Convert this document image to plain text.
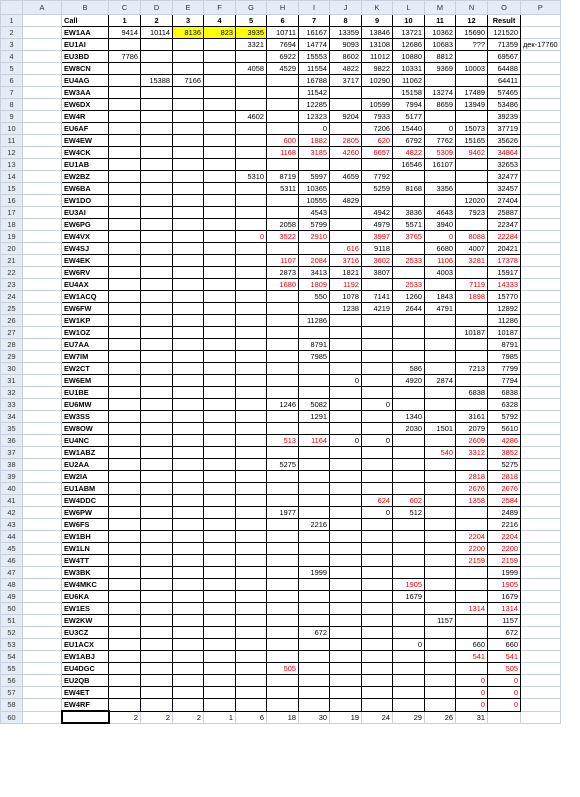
	A	B	C	D	E	F	G	H	I	J	K	L	M	N	O	P
1		Call	1	2	3	4	5	6	7	8	9	10	11	12	Result	
2		EW1AA	9414	10114	8136	823	3935	10711	16167	13359	13846	13721	10362	15690	121520	
3		EU1AI					3321	7694	14774	9093	13108	12686	10683	???	71359	дек-17760
4		EU3BD	7786					6922	15553	8602	11012	10880	8812		69567	
5		EW8CN					4058	4529	11554	4822	9822	10331	9369	10003	64488	
6		EU4AG		15388	7166				16788	3717	10290	11062			64411	
7		EW3AA							11542			15158	13274	17489	57465	
8		EW6DX							12285		10599	7994	8659	13949	53486	
9		EW4R					4602		12323	9204	7933	5177			39239	
10		EU6AF							0		7206	15440	0	15073	37719	
11		EW4EW						600	1882	2805	620	6792	7762	15165	35626	
12		EW4CK						1168	3185	4260	6657	4822	5309	9462	34864	
13		EU1AB										16546	16107		32653	
14		EW2BZ					5310	8719	5997	4659	7792				32477	
15		EW6BA						5311	10365		5259	8168	3356		32457	
16		EW1DO							10555	4829				12020	27404	
17		EU3AI							4543		4942	3836	4643	7923	25887	
18		EW6PG						2058	5799		4979	5571	3940		22347	
19		EW4VX					0	3522	2910		3997	3765	0	8088	22284	
20		EW4SJ								616	9118		6680	4007	20421	
21		EW4EK						1107	2084	3716	3602	2533	1106	3281	17378	
22		EW6RV						2873	3413	1821	3807		4003		15917	
23		EU4AX						1680	1809	1192		2533		7119	14333	
24		EW1ACQ							550	1078	7141	1260	1843	1898	15770	
25		EW6FW								1238	4219	2644	4791		12892	
26		EW1KP							11286						11286	
27		EW1OZ												10187	10187	
28		EU7AA							8791						8791	
29		EW7IM							7985						7985	
30		EW2CT										586		7213	7799	
31		EW6EM								0		4920	2874		7794	
32		EU1BE												6838	6838	
33		EU6MW						1246	5082		0				6328	
34		EW3SS							1291			1340		3161	5792	
35		EW8OW										2030	1501	2079	5610	
36		EU4NC						513	1164	0	0			2609	4286	
37		EW1ABZ											540	3312	3852	
38		EU2AA						5275							5275	
39		EW2IA												2818	2818	
40		EU1ABM												2676	2676	
41		EW4DDC									624	602		1358	2584	
42		EW6PW						1977			0	512			2489	
43		EW6FS							2216						2216	
44		EW1BH												2204	2204	
45		EW1LN												2200	2200	
46		EW4TT												2159	2159	
47		EW3BK							1999						1999	
48		EW4MKC										1905			1905	
49		EU6KA										1679			1679	
50		EW1ES												1314	1314	
51		EW2KW											1157		1157	
52		EU3CZ							672						672	
53		EU1ACX										0		660	660	
54		EW1ABJ												541	541	
55		EU4DGC						505							505	
56		EU2QB												0	0	
57		EW4ET												0	0	
58		EW4RF												0	0	
60			2	2	2	1	6	18	30	19	24	29	26	31		
